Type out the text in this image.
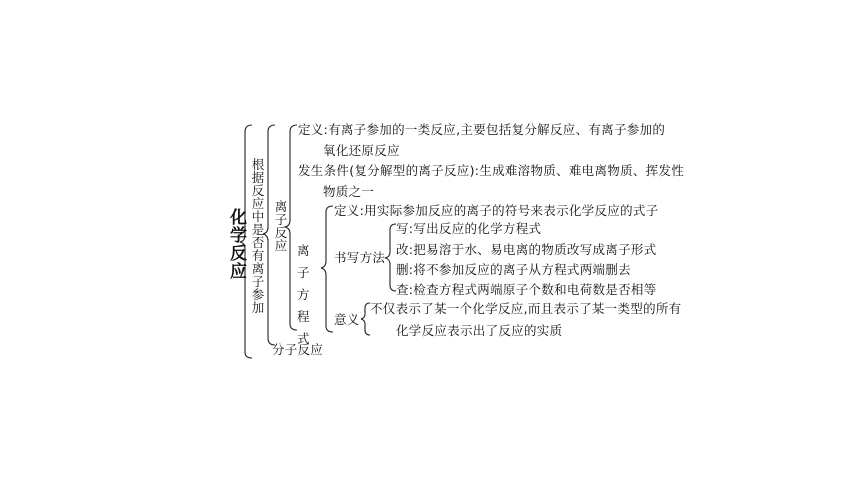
化学反应 根据反应中是否有离子参加 离子反应
定义:有离子参加的一类反应,主要包括复分解反应、有离子参加的
氧化还原反应
发生条件(复分解型的离子反应):生成难溶物质、难电离物质、挥发性
物质之一
离子方程式
定义:用实际参加反应的离子的符号来表示化学反应的式子
书写方法
写:写出反应的化学方程式
改:把易溶于水、易电离的物质改写成离子形式
删:将不参加反应的离子从方程式两端删去
查:检查方程式两端原子个数和电荷数是否相等
意义
不仅表示了某一个化学反应,而且表示了某一类型的所有
化学反应表示出了反应的实质
分子反应
